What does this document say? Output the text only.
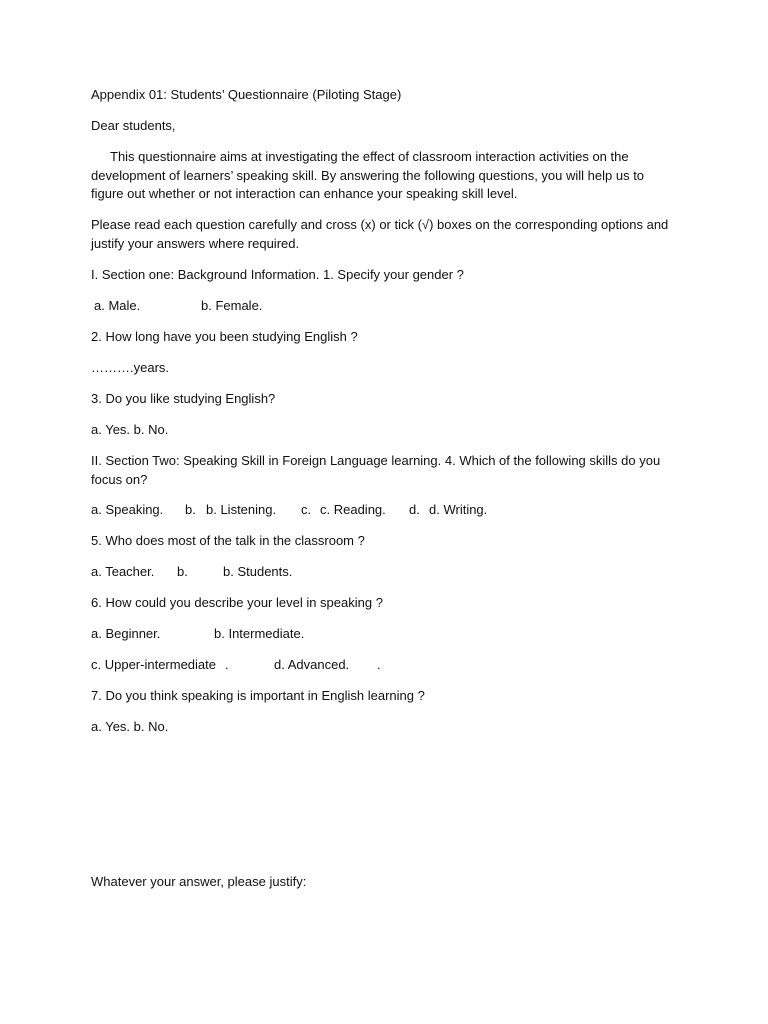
Appendix 01: Students’ Questionnaire (Piloting Stage)
Dear students,
This questionnaire aims at investigating the effect of classroom interaction activities on the development of learners’ speaking skill. By answering the following questions, you will help us to figure out whether or not interaction can enhance your speaking skill level.
Please read each question carefully and cross (x) or tick (√) boxes on the corresponding options and justify your answers where required.
I. Section one: Background Information. 1. Specify your gender ?
a. Male.	b. Female.
2. How long have you been studying English ?
……….years.
3. Do you like studying English?
a. Yes. b. No.
II. Section Two: Speaking Skill in Foreign Language learning. 4. Which of the following skills do you focus on?
a. Speaking. b. b. Listening. c. c. Reading. d. d. Writing.
5. Who does most of the talk in the classroom ?
a. Teacher. b.	b. Students.
6. How could you describe your level in speaking ?
a. Beginner.	b. Intermediate.
c. Upper-intermediate .	d. Advanced. .
7. Do you think speaking is important in English learning ?
a. Yes. b. No.
Whatever your answer, please justify:
